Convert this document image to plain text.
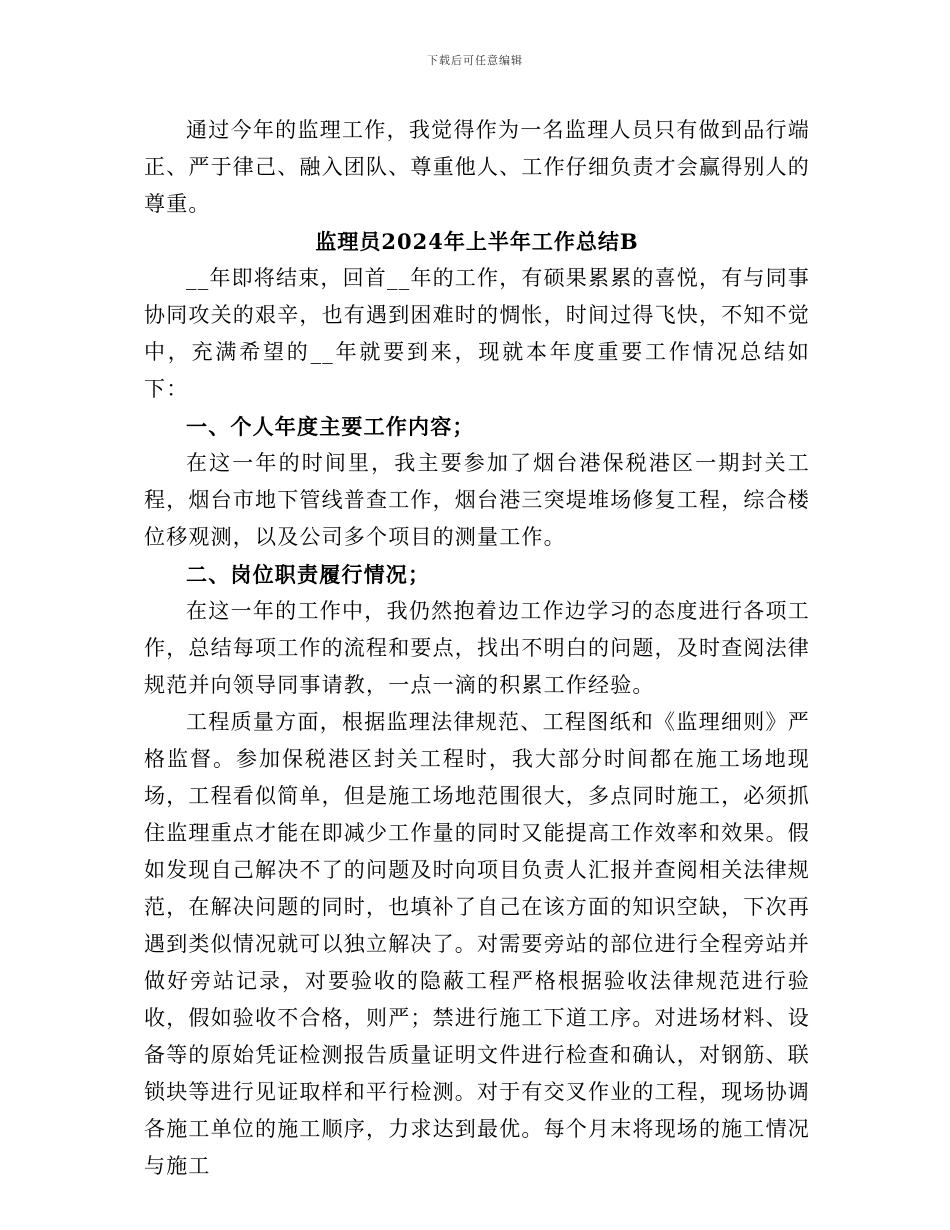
下载后可任意编辑

通过今年的监理工作，我觉得作为一名监理人员只有做到品行端正、严于律己、融入团队、尊重他人、工作仔细负责才会赢得别人的尊重。

监理员2024年上半年工作总结B

__年即将结束，回首__年的工作，有硕果累累的喜悦，有与同事协同攻关的艰辛，也有遇到困难时的惆怅，时间过得飞快，不知不觉中，充满希望的__年就要到来，现就本年度重要工作情况总结如下：

一、个人年度主要工作内容；

在这一年的时间里，我主要参加了烟台港保税港区一期封关工程，烟台市地下管线普查工作，烟台港三突堤堆场修复工程，综合楼位移观测，以及公司多个项目的测量工作。

二、岗位职责履行情况；

在这一年的工作中，我仍然抱着边工作边学习的态度进行各项工作，总结每项工作的流程和要点，找出不明白的问题，及时查阅法律规范并向领导同事请教，一点一滴的积累工作经验。

工程质量方面，根据监理法律规范、工程图纸和《监理细则》严格监督。参加保税港区封关工程时，我大部分时间都在施工场地现场，工程看似简单，但是施工场地范围很大，多点同时施工，必须抓住监理重点才能在即减少工作量的同时又能提高工作效率和效果。假如发现自己解决不了的问题及时向项目负责人汇报并查阅相关法律规范，在解决问题的同时，也填补了自己在该方面的知识空缺，下次再遇到类似情况就可以独立解决了。对需要旁站的部位进行全程旁站并做好旁站记录，对要验收的隐蔽工程严格根据验收法律规范进行验收，假如验收不合格，则严；禁进行施工下道工序。对进场材料、设备等的原始凭证检测报告质量证明文件进行检查和确认，对钢筋、联锁块等进行见证取样和平行检测。对于有交叉作业的工程，现场协调各施工单位的施工顺序，力求达到最优。每个月末将现场的施工情况与施工
